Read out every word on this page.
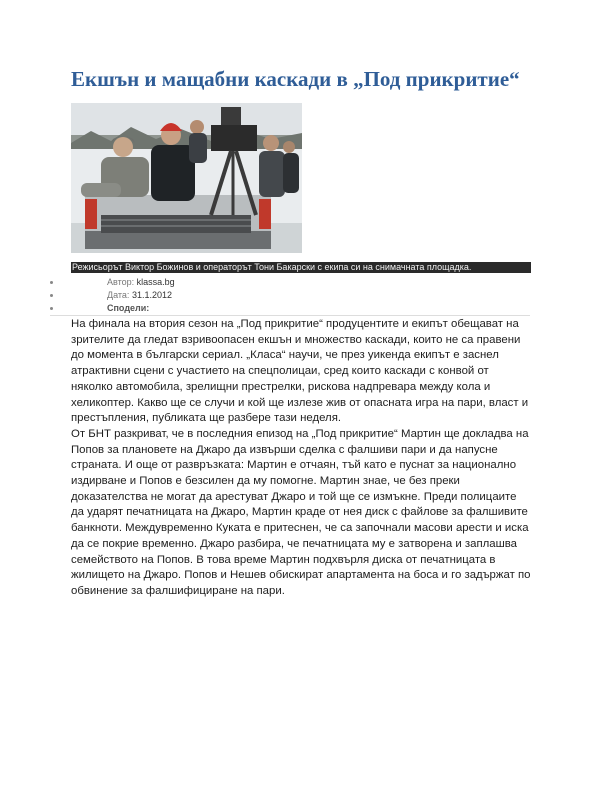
Екшън и мащабни каскади в „Под прикритие“
Режисьорът Виктор Божинов и операторът Тони Бакарски с екипа си на снимачната площадка.
Автор: klassa.bg
Дата: 31.1.2012
Сподели:

На финала на втория сезон на „Под прикритие“ продуцентите и екипът обещават на зрителите да гледат взривоопасен екшън и множество каскади, които не са правени до момента в български сериал. „Класа“ научи, че през уикенда екипът е заснел атрактивни сцени с участието на спецполицаи, сред които каскади с конвой от няколко автомобила, зрелищни престрелки, рискова надпревара между кола и хеликоптер. Какво ще се случи и кой ще излезе жив от опасната игра на пари, власт и престъпления, публиката ще разбере тази неделя.

От БНТ разкриват, че в последния епизод на „Под прикритие“ Мартин ще докладва на Попов за плановете на Джаро да извърши сделка с фалшиви пари и да напусне страната. И още от развръзката: Мартин е отчаян, тъй като е пуснат за национално издирване и Попов е безсилен да му помогне. Мартин знае, че без преки доказателства не могат да арестуват Джаро и той ще се измъкне. Преди полицаите да ударят печатницата на Джаро, Мартин краде от нея диск с файлове за фалшивите банкноти. Междувременно Куката е притеснен, че са започнали масови арести и иска да се покрие временно. Джаро разбира, че печатницата му е затворена и заплашва семейството на Попов. В това време Мартин подхвърля диска от печатницата в жилището на Джаро. Попов и Нешев обискират апартамента на боса и го задържат по обвинение за фалшифициране на пари.
